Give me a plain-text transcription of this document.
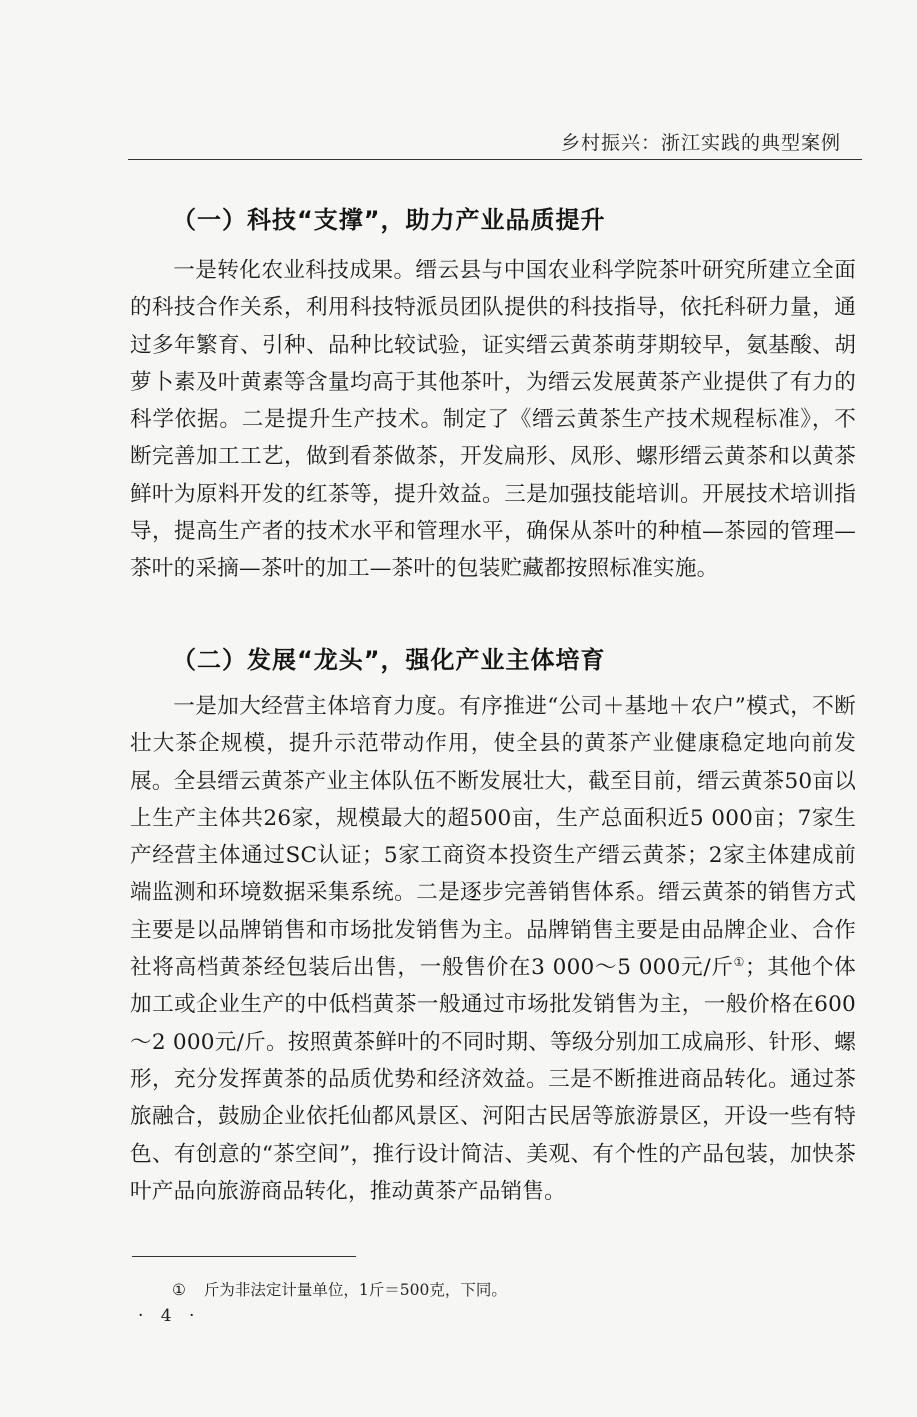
乡村振兴：浙江实践的典型案例
（一）科技“支撑”，助力产业品质提升

一是转化农业科技成果。缙云县与中国农业科学院茶叶研究所建立全面的科技合作关系，利用科技特派员团队提供的科技指导，依托科研力量，通过多年繁育、引种、品种比较试验，证实缙云黄茶萌芽期较早，氨基酸、胡萝卜素及叶黄素等含量均高于其他茶叶，为缙云发展黄茶产业提供了有力的科学依据。二是提升生产技术。制定了《缙云黄茶生产技术规程标准》，不断完善加工工艺，做到看茶做茶，开发扁形、凤形、螺形缙云黄茶和以黄茶鲜叶为原料开发的红茶等，提升效益。三是加强技能培训。开展技术培训指导，提高生产者的技术水平和管理水平，确保从茶叶的种植—茶园的管理—茶叶的采摘—茶叶的加工—茶叶的包装贮藏都按照标准实施。

（二）发展“龙头”，强化产业主体培育

一是加大经营主体培育力度。有序推进“公司＋基地＋农户”模式，不断壮大茶企规模，提升示范带动作用，使全县的黄茶产业健康稳定地向前发展。全县缙云黄茶产业主体队伍不断发展壮大，截至目前，缙云黄茶50亩以上生产主体共26家，规模最大的超500亩，生产总面积近5 000亩；7家生产经营主体通过SC认证；5家工商资本投资生产缙云黄茶；2家主体建成前端监测和环境数据采集系统。二是逐步完善销售体系。缙云黄茶的销售方式主要是以品牌销售和市场批发销售为主。品牌销售主要是由品牌企业、合作社将高档黄茶经包装后出售，一般售价在3 000～5 000元/斤①；其他个体加工或企业生产的中低档黄茶一般通过市场批发销售为主，一般价格在600～2 000元/斤。按照黄茶鲜叶的不同时期、等级分别加工成扁形、针形、螺形，充分发挥黄茶的品质优势和经济效益。三是不断推进商品转化。通过茶旅融合，鼓励企业依托仙都风景区、河阳古民居等旅游景区，开设一些有特色、有创意的“茶空间”，推行设计简洁、美观、有个性的产品包装，加快茶叶产品向旅游商品转化，推动黄茶产品销售。

① 斤为非法定计量单位，1斤＝500克，下同。
· 4 ·
